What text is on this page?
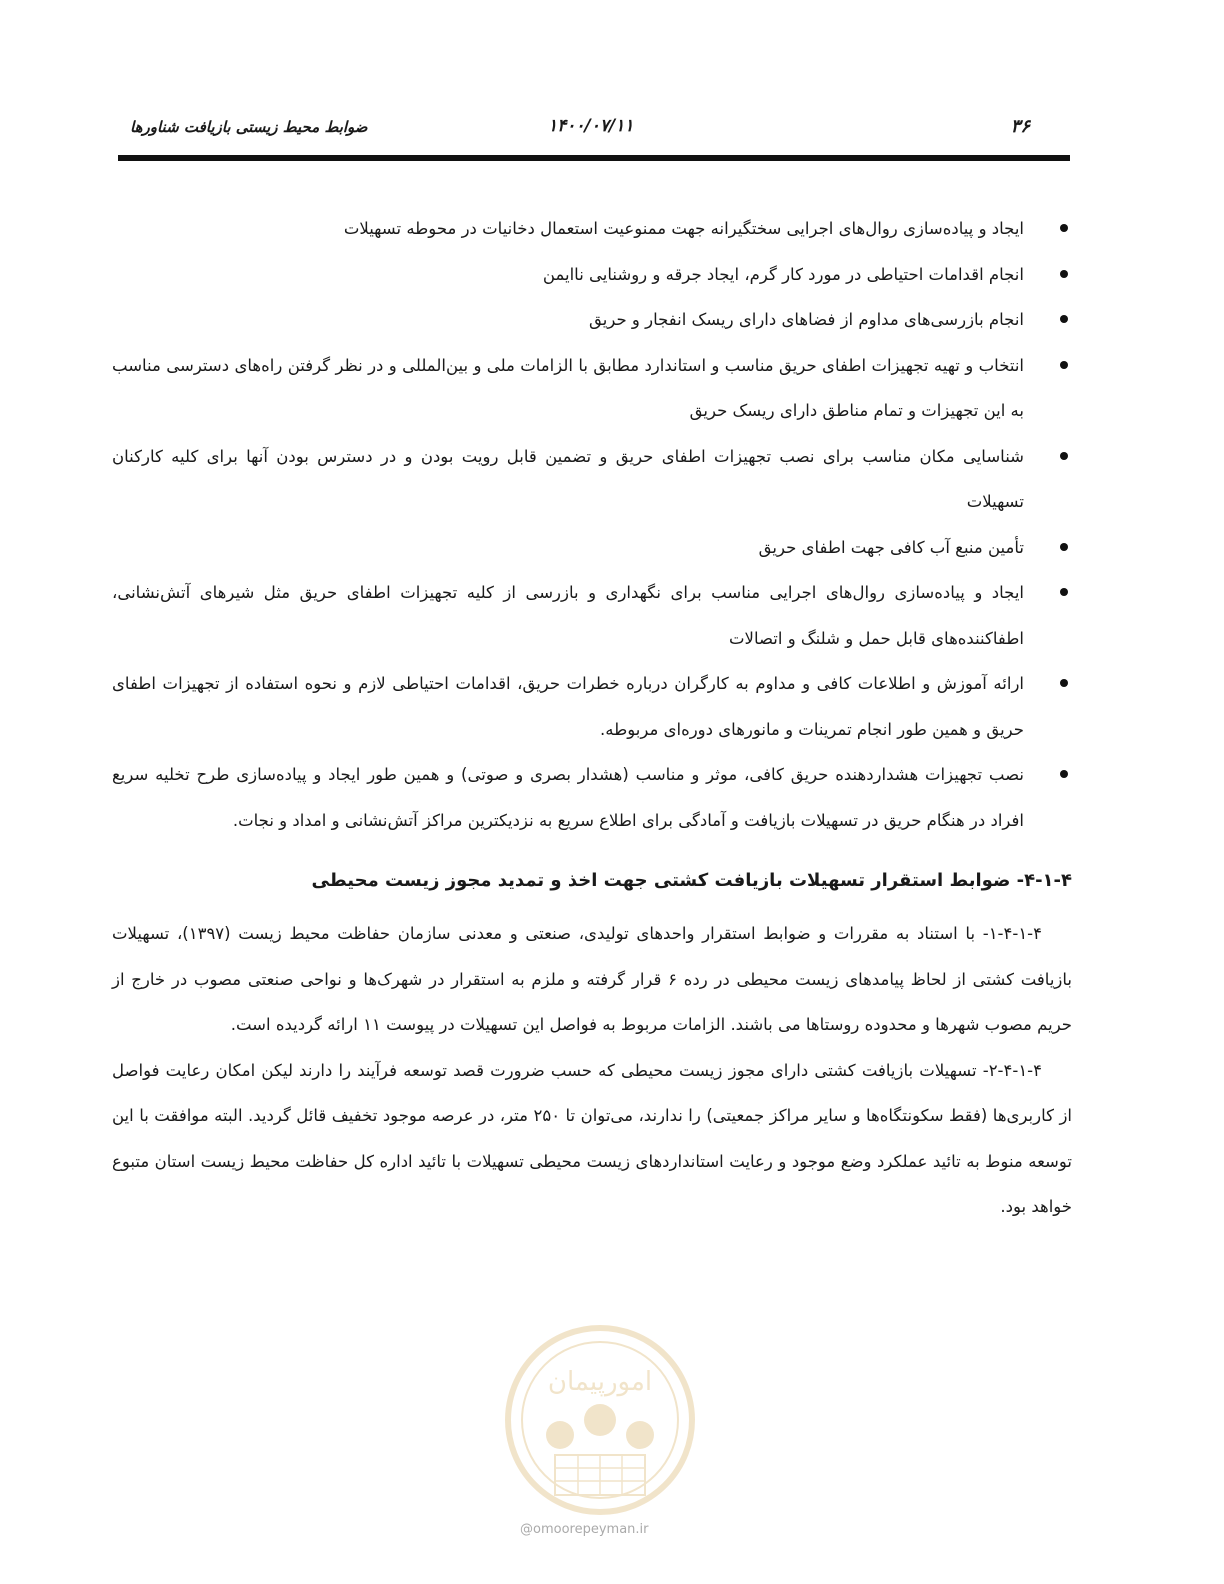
۳۶
۱۴۰۰/۰۷/۱۱
ضوابط محیط زیستی بازیافت شناورها
ایجاد و پیاده‌سازی روال‌های اجرایی سختگیرانه جهت ممنوعیت استعمال دخانیات در محوطه تسهیلات
انجام اقدامات احتیاطی در مورد کار گرم، ایجاد جرقه و روشنایی ناایمن
انجام بازرسی‌های مداوم از فضاهای دارای ریسک انفجار و حریق
انتخاب و تهیه تجهیزات اطفای حریق مناسب و استاندارد مطابق با الزامات ملی و بین‌المللی و در نظر گرفتن راه‌های دسترسی مناسب به این تجهیزات و تمام مناطق دارای ریسک حریق
شناسایی مکان مناسب برای نصب تجهیزات اطفای حریق و تضمین قابل رویت بودن و در دسترس بودن آنها برای کلیه کارکنان تسهیلات
تأمین منبع آب کافی جهت اطفای حریق
ایجاد و پیاده‌سازی روال‌های اجرایی مناسب برای نگهداری و بازرسی از کلیه تجهیزات اطفای حریق مثل شیرهای آتش‌نشانی، اطفاکننده‌های قابل حمل و شلنگ و اتصالات
ارائه آموزش و اطلاعات کافی و مداوم به کارگران درباره خطرات حریق، اقدامات احتیاطی لازم و نحوه استفاده از تجهیزات اطفای حریق و همین طور انجام تمرینات و مانورهای دوره‌ای مربوطه.
نصب تجهیزات هشداردهنده حریق کافی، موثر و مناسب (هشدار بصری و صوتی) و همین طور ایجاد و پیاده‌سازی طرح تخلیه سریع افراد در هنگام حریق در تسهیلات بازیافت و آمادگی برای اطلاع سریع به نزدیکترین مراکز آتش‌نشانی و امداد و نجات.
۴-۱-۴- ضوابط استقرار تسهیلات بازیافت کشتی جهت اخذ و تمدید مجوز زیست محیطی

۱-۴-۱-۴- با استناد به مقررات و ضوابط استقرار واحدهای تولیدی، صنعتی و معدنی سازمان حفاظت محیط زیست (۱۳۹۷)، تسهیلات بازیافت کشتی از لحاظ پیامدهای زیست محیطی در رده ۶ قرار گرفته و ملزم به استقرار در شهرک‌ها و نواحی صنعتی مصوب در خارج از حریم مصوب شهرها و محدوده روستاها می باشند. الزامات مربوط به فواصل این تسهیلات در پیوست ۱۱ ارائه گردیده است.

۲-۴-۱-۴- تسهیلات بازیافت کشتی دارای مجوز زیست محیطی که حسب ضرورت قصد توسعه فرآیند را دارند لیکن امکان رعایت فواصل از کاربری‌ها (فقط سکونتگاه‌ها و سایر مراکز جمعیتی) را ندارند، می‌توان تا ۲۵۰ متر، در عرصه موجود تخفیف قائل گردید. البته موافقت با این توسعه منوط به تائید عملکرد وضع موجود و رعایت استانداردهای زیست محیطی تسهیلات با تائید اداره کل حفاظت محیط زیست استان متبوع خواهد بود.

امورپیمان
@omoorepeyman.ir
